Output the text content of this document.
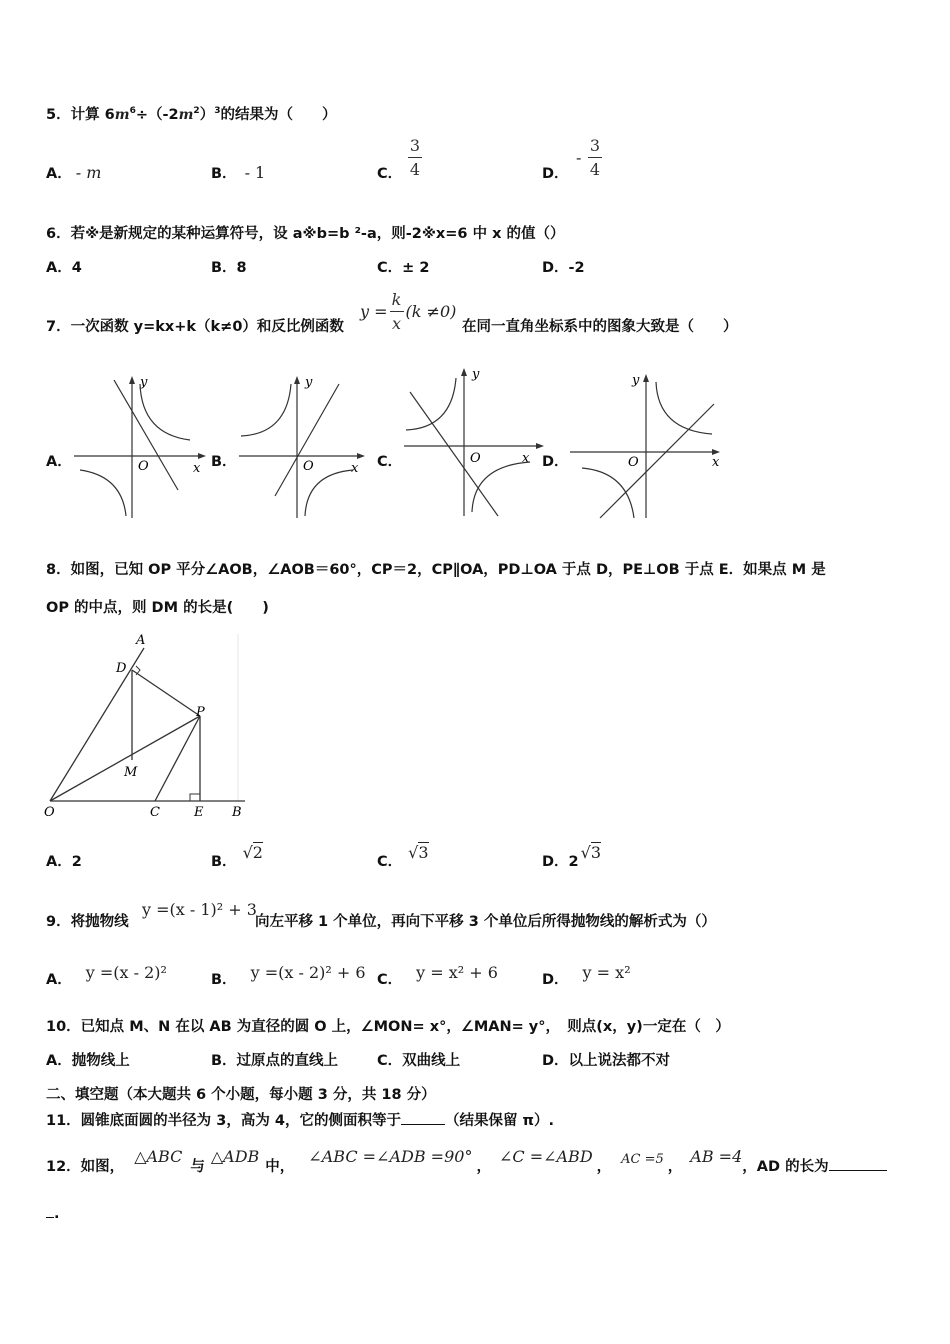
5．计算 $6m^6\div(-2m^2)^3$的结果为（　　）
A． - m	B． - 1	C．
3
4	D．
-
3
4
6．若※是新规定的某种运算符号，设 a※b=b ²-a，则-2※x=6 中 x 的值（）
A．4	B．8	C．± 2	D．-2
7．一次函数 y=kx+k（k≠0）和反比例函数
$y = \frac{k}{x} (k \ne 0)$
在同一直角坐标系中的图象大致是（　　）
A．	B．	C．	D．
y
x
O
y
x
O
y
x
O
y
x
O
8．如图，已知 OP 平分∠AOB，∠AOB＝60°，CP＝2，CP∥OA，PD⊥OA 于点 D，PE⊥OB 于点 E．如果点 M 是
OP 的中点，则 DM 的长是(　　)
A
D
P
M
O	C	E B
A．2	B． √2	C． √3	D．2 √3
9．将抛物线
y =(x - 1)² + 3
向左平移 1 个单位，再向下平移 3 个单位后所得抛物线的解析式为（）
A． y =(x - 2)²	B． y =(x - 2)² + 6 C． y = x² + 6	D． y = x²
10．已知点 M、N 在以 AB 为直径的圆 O 上，∠MON= x°，∠MAN= y°，　则点(x，y)一定在（　）
A．抛物线上	B．过原点的直线上	C．双曲线上	D．以上说法都不对
二、填空题（本大题共 6 个小题，每小题 3 分，共 18 分）
11．圆锥底面圆的半径为 3，高为 4，它的侧面积等于	（结果保留 π）.
12．如图，
△ABC
与
△ADB
中，
∠ABC =∠ADB =90°
，
∠C =∠ABD
， AC =5 ，
AB =4
，AD 的长为
.
